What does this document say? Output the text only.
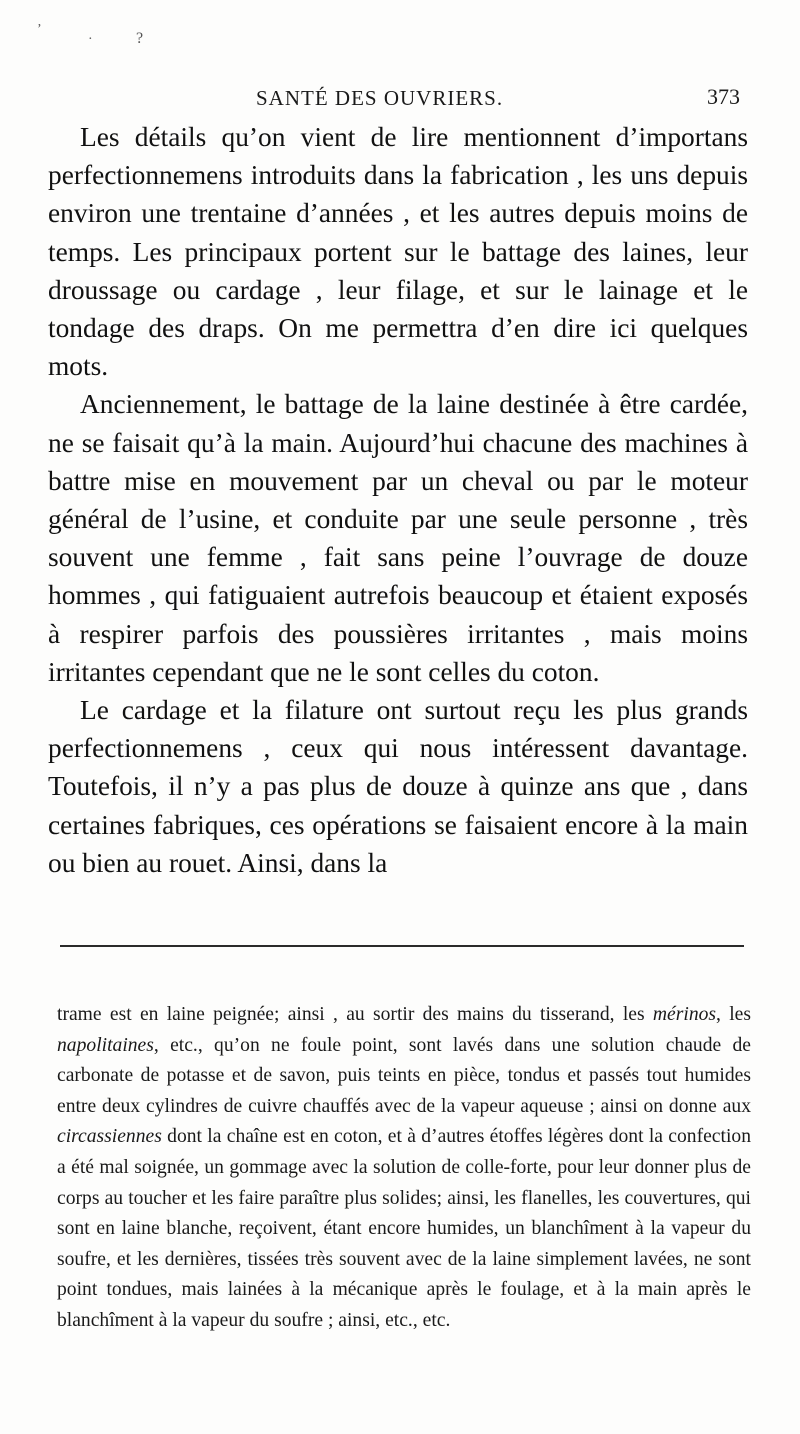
ʼ
·	?
SANTÉ DES OUVRIERS.	373

Les détails qu’on vient de lire mentionnent d’importans perfectionnemens introduits dans la fabrication , les uns depuis environ une trentaine d’années , et les autres depuis moins de temps. Les principaux portent sur le battage des laines, leur droussage ou cardage , leur filage, et sur le lainage et le tondage des draps. On me permettra d’en dire ici quelques mots.

Anciennement, le battage de la laine destinée à être cardée, ne se faisait qu’à la main. Aujourd’hui chacune des machines à battre mise en mouvement par un cheval ou par le moteur général de l’usine, et conduite par une seule personne , très souvent une femme , fait sans peine l’ouvrage de douze hommes , qui fatiguaient autrefois beaucoup et étaient exposés à respirer parfois des poussières irritantes , mais moins irritantes cependant que ne le sont celles du coton.

Le cardage et la filature ont surtout reçu les plus grands perfectionnemens , ceux qui nous intéressent davantage. Toutefois, il n’y a pas plus de douze à quinze ans que , dans certaines fabriques, ces opérations se faisaient encore à la main ou bien au rouet. Ainsi, dans la

trame est en laine peignée; ainsi , au sortir des mains du tisserand, les mérinos, les napolitaines, etc., qu’on ne foule point, sont lavés dans une solution chaude de carbonate de potasse et de savon, puis teints en pièce, tondus et passés tout humides entre deux cylindres de cuivre chauffés avec de la vapeur aqueuse ; ainsi on donne aux circassiennes dont la chaîne est en coton, et à d’autres étoffes légères dont la confection a été mal soignée, un gommage avec la solution de colle-forte, pour leur donner plus de corps au toucher et les faire paraître plus solides; ainsi, les flanelles, les couvertures, qui sont en laine blanche, reçoivent, étant encore humides, un blanchîment à la vapeur du soufre, et les dernières, tissées très souvent avec de la laine simplement lavées, ne sont point tondues, mais lainées à la mécanique après le foulage, et à la main après le blanchîment à la vapeur du soufre ; ainsi, etc., etc.
